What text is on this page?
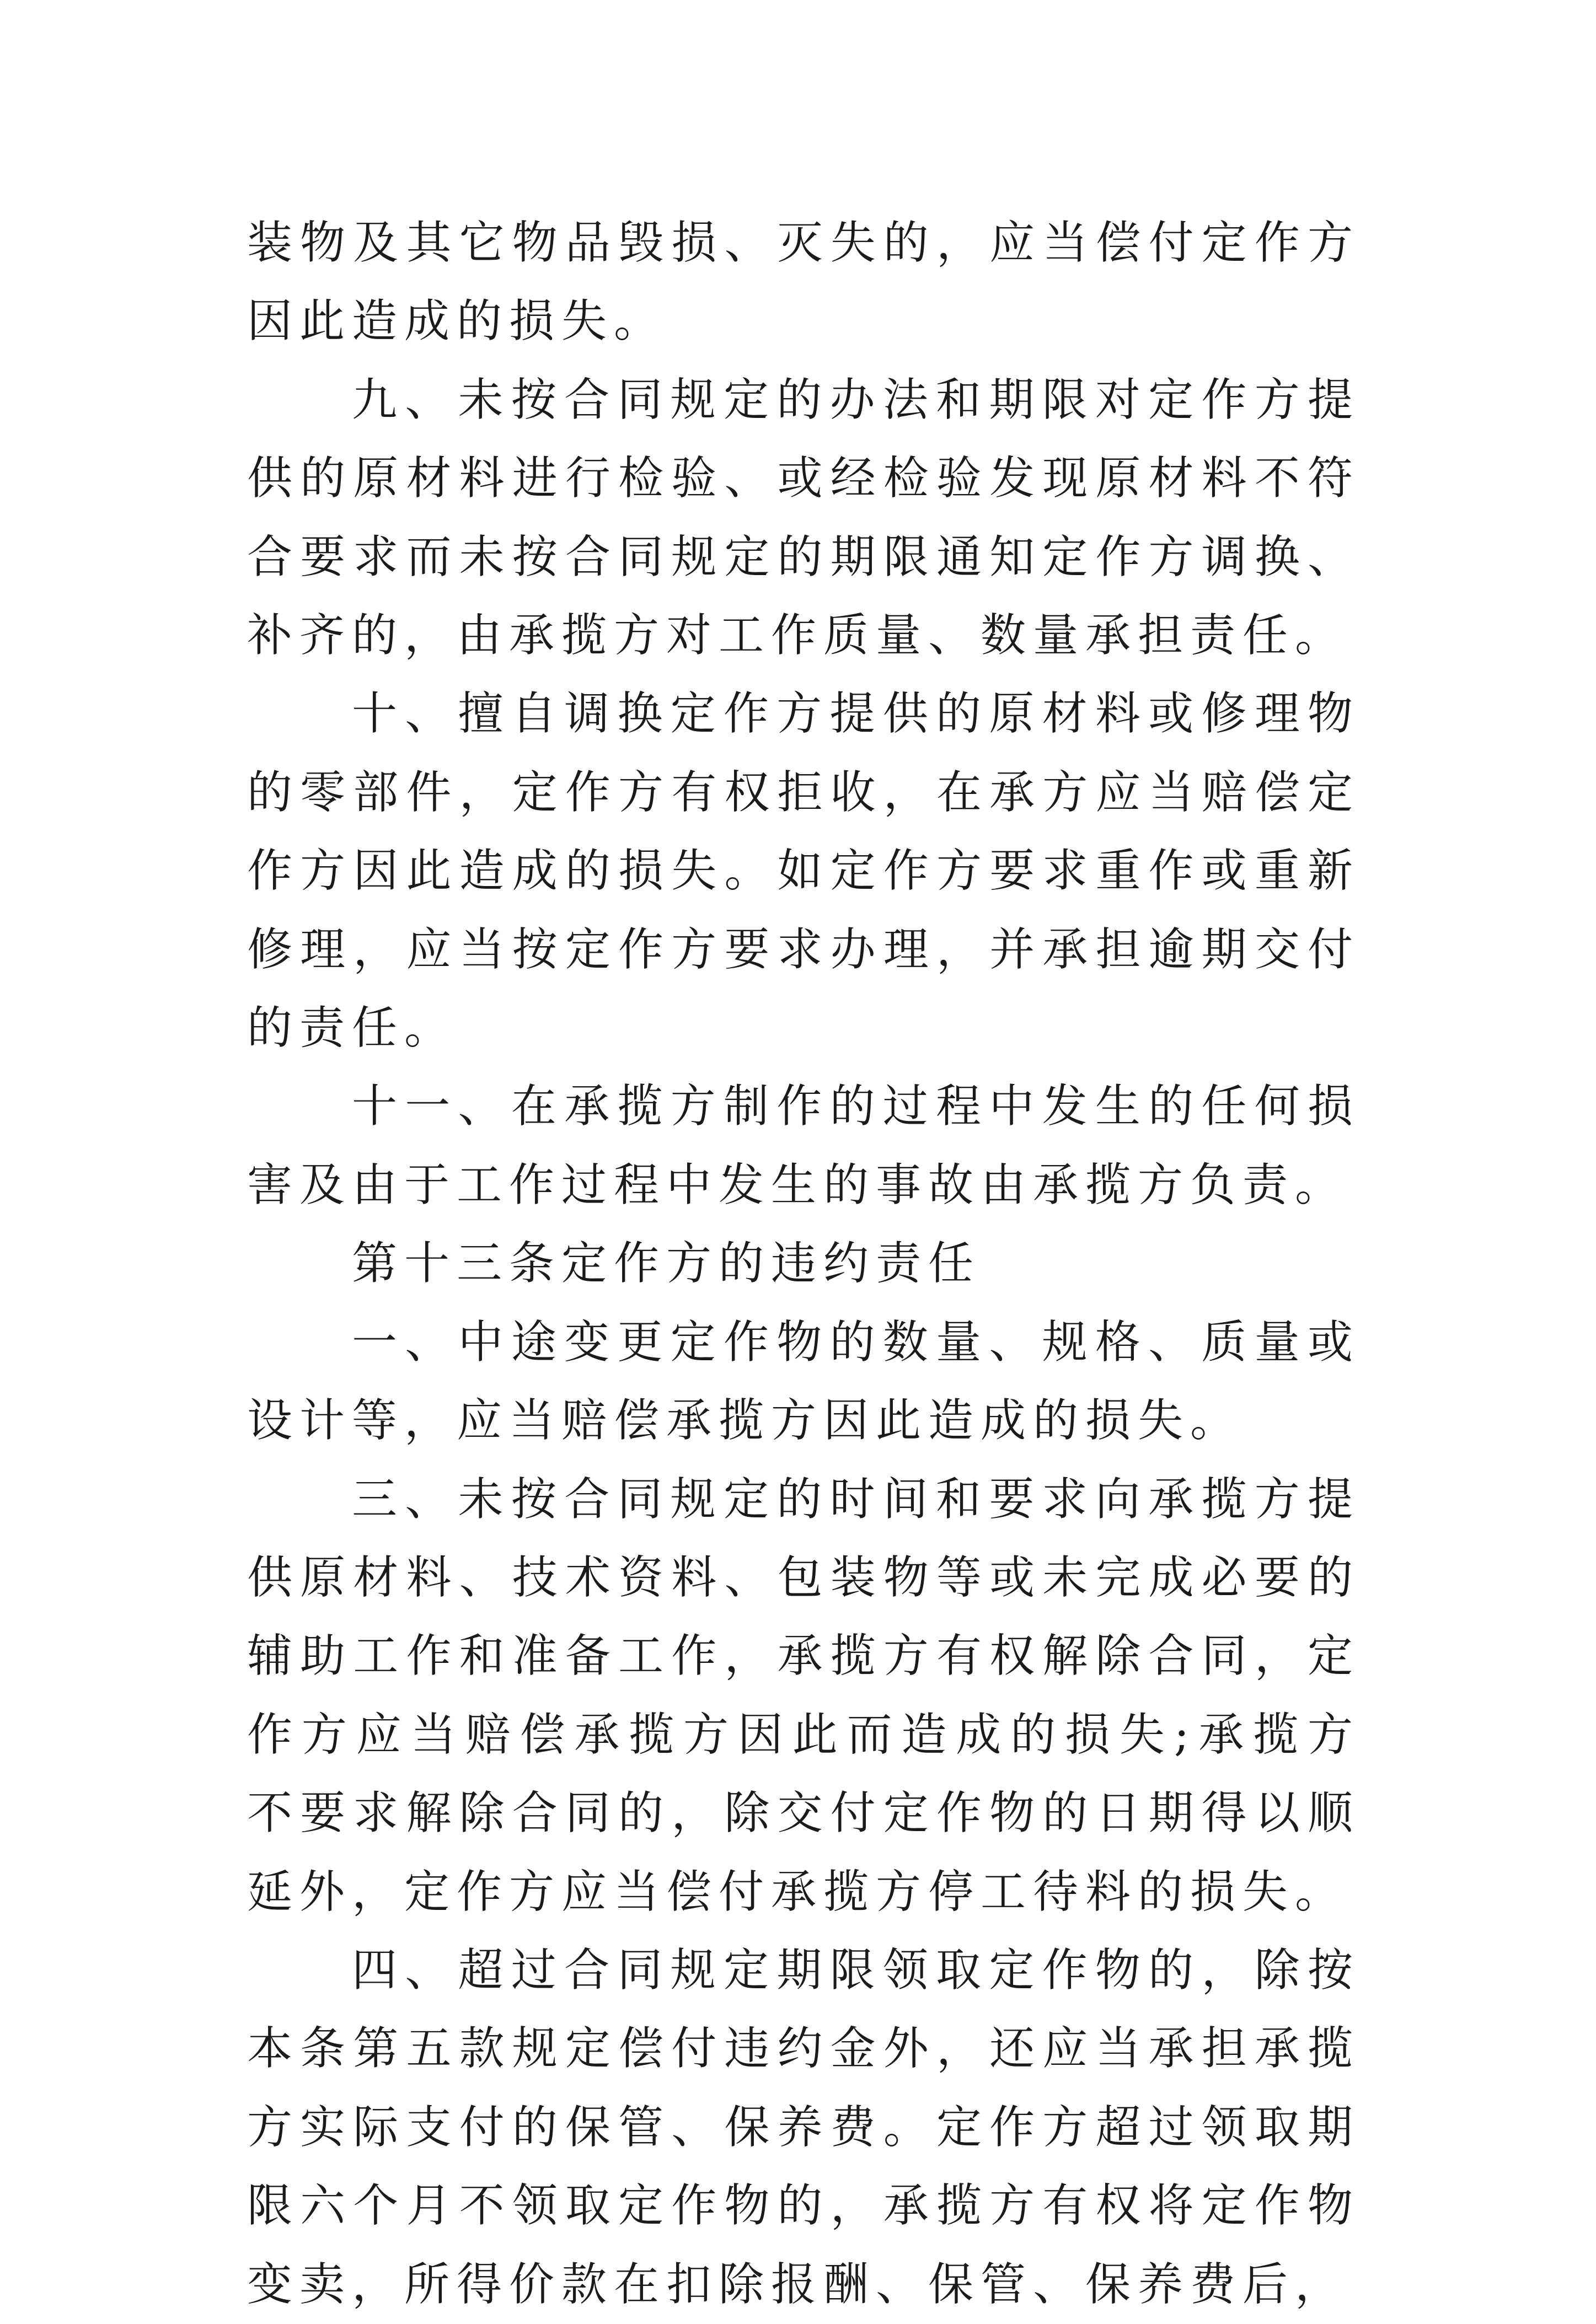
装物及其它物品毁损、灭失的，应当偿付定作方因此造成的损失。

九、未按合同规定的办法和期限对定作方提供的原材料进行检验、或经检验发现原材料不符合要求而未按合同规定的期限通知定作方调换、补齐的，由承揽方对工作质量、数量承担责任。

十、擅自调换定作方提供的原材料或修理物的零部件，定作方有权拒收，在承方应当赔偿定作方因此造成的损失。如定作方要求重作或重新修理，应当按定作方要求办理，并承担逾期交付的责任。

十一、在承揽方制作的过程中发生的任何损害及由于工作过程中发生的事故由承揽方负责。

第十三条定作方的违约责任

一、中途变更定作物的数量、规格、质量或设计等，应当赔偿承揽方因此造成的损失。

三、未按合同规定的时间和要求向承揽方提供原材料、技术资料、包装物等或未完成必要的辅助工作和准备工作，承揽方有权解除合同，定作方应当赔偿承揽方因此而造成的损失;承揽方不要求解除合同的，除交付定作物的日期得以顺延外，定作方应当偿付承揽方停工待料的损失。

四、超过合同规定期限领取定作物的，除按本条第五款规定偿付违约金外，还应当承担承揽方实际支付的保管、保养费。定作方超过领取期限六个月不领取定作物的，承揽方有权将定作物变卖，所得价款在扣除报酬、保管、保养费后，
